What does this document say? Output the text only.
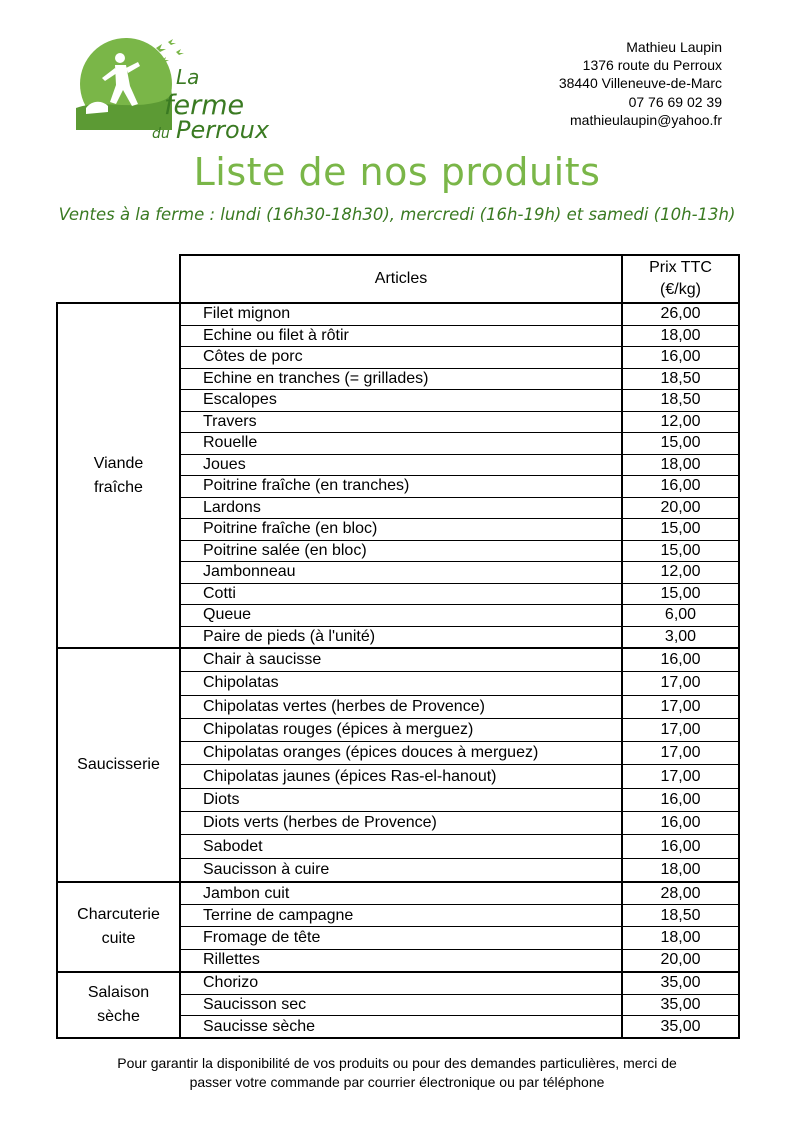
La
ferme
du Perroux
Mathieu Laupin
1376 route du Perroux
38440 Villeneuve-de-Marc
07 76 69 02 39
mathieulaupin@yahoo.fr
Liste de nos produits
Ventes à la ferme : lundi (16h30-18h30), mercredi (16h-19h) et samedi (10h-13h)
	Articles	Prix TTC
(€/kg)

Viande
fraîche	Filet mignon	26,00
	Echine ou filet à rôtir	18,00
	Côtes de porc	16,00
	Echine en tranches (= grillades)	18,50
	Escalopes	18,50
	Travers	12,00
	Rouelle	15,00
	Joues	18,00
	Poitrine fraîche (en tranches)	16,00
	Lardons	20,00
	Poitrine fraîche (en bloc)	15,00
	Poitrine salée (en bloc)	15,00
	Jambonneau	12,00
	Cotti	15,00
	Queue	6,00
	Paire de pieds (à l'unité)	3,00

Saucisserie	Chair à saucisse	16,00
	Chipolatas	17,00
	Chipolatas vertes (herbes de Provence)	17,00
	Chipolatas rouges (épices à merguez)	17,00
	Chipolatas oranges (épices douces à merguez)	17,00
	Chipolatas jaunes (épices Ras-el-hanout)	17,00
	Diots	16,00
	Diots verts (herbes de Provence)	16,00
	Sabodet	16,00
	Saucisson à cuire	18,00

Charcuterie
cuite	Jambon cuit	28,00
	Terrine de campagne	18,50
	Fromage de tête	18,00
	Rillettes	20,00

Salaison
sèche	Chorizo	35,00
	Saucisson sec	35,00
	Saucisse sèche	35,00
Pour garantir la disponibilité de vos produits ou pour des demandes particulières, merci de
passer votre commande par courrier électronique ou par téléphone
